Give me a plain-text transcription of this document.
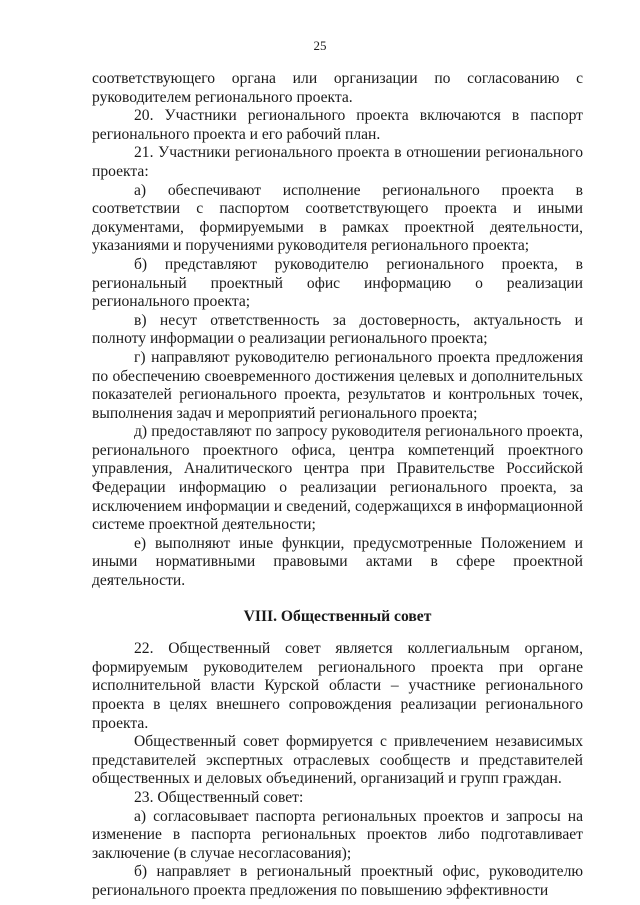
25

соответствующего органа или организации по согласованию с руководителем регионального проекта.

20. Участники регионального проекта включаются в паспорт регионального проекта и его рабочий план.

21. Участники регионального проекта в отношении регионального проекта:

а) обеспечивают исполнение регионального проекта в соответствии с паспортом соответствующего проекта и иными документами, формируемыми в рамках проектной деятельности, указаниями и поручениями руководителя регионального проекта;

б) представляют руководителю регионального проекта, в региональный проектный офис информацию о реализации регионального проекта;

в) несут ответственность за достоверность, актуальность и полноту информации о реализации регионального проекта;

г) направляют руководителю регионального проекта предложения по обеспечению своевременного достижения целевых и дополнительных показателей регионального проекта, результатов и контрольных точек, выполнения задач и мероприятий регионального проекта;

д) предоставляют по запросу руководителя регионального проекта, регионального проектного офиса, центра компетенций проектного управления, Аналитического центра при Правительстве Российской Федерации информацию о реализации регионального проекта, за исключением информации и сведений, содержащихся в информационной системе проектной деятельности;

е) выполняют иные функции, предусмотренные Положением и иными нормативными правовыми актами в сфере проектной деятельности.

VIII. Общественный совет

22. Общественный совет является коллегиальным органом, формируемым руководителем регионального проекта при органе исполнительной власти Курской области – участнике регионального проекта в целях внешнего сопровождения реализации регионального проекта.

Общественный совет формируется с привлечением независимых представителей экспертных отраслевых сообществ и представителей общественных и деловых объединений, организаций и групп граждан.

23. Общественный совет:

а) согласовывает паспорта региональных проектов и запросы на изменение в паспорта региональных проектов либо подготавливает заключение (в случае несогласования);

б) направляет в региональный проектный офис, руководителю регионального проекта предложения по повышению эффективности
